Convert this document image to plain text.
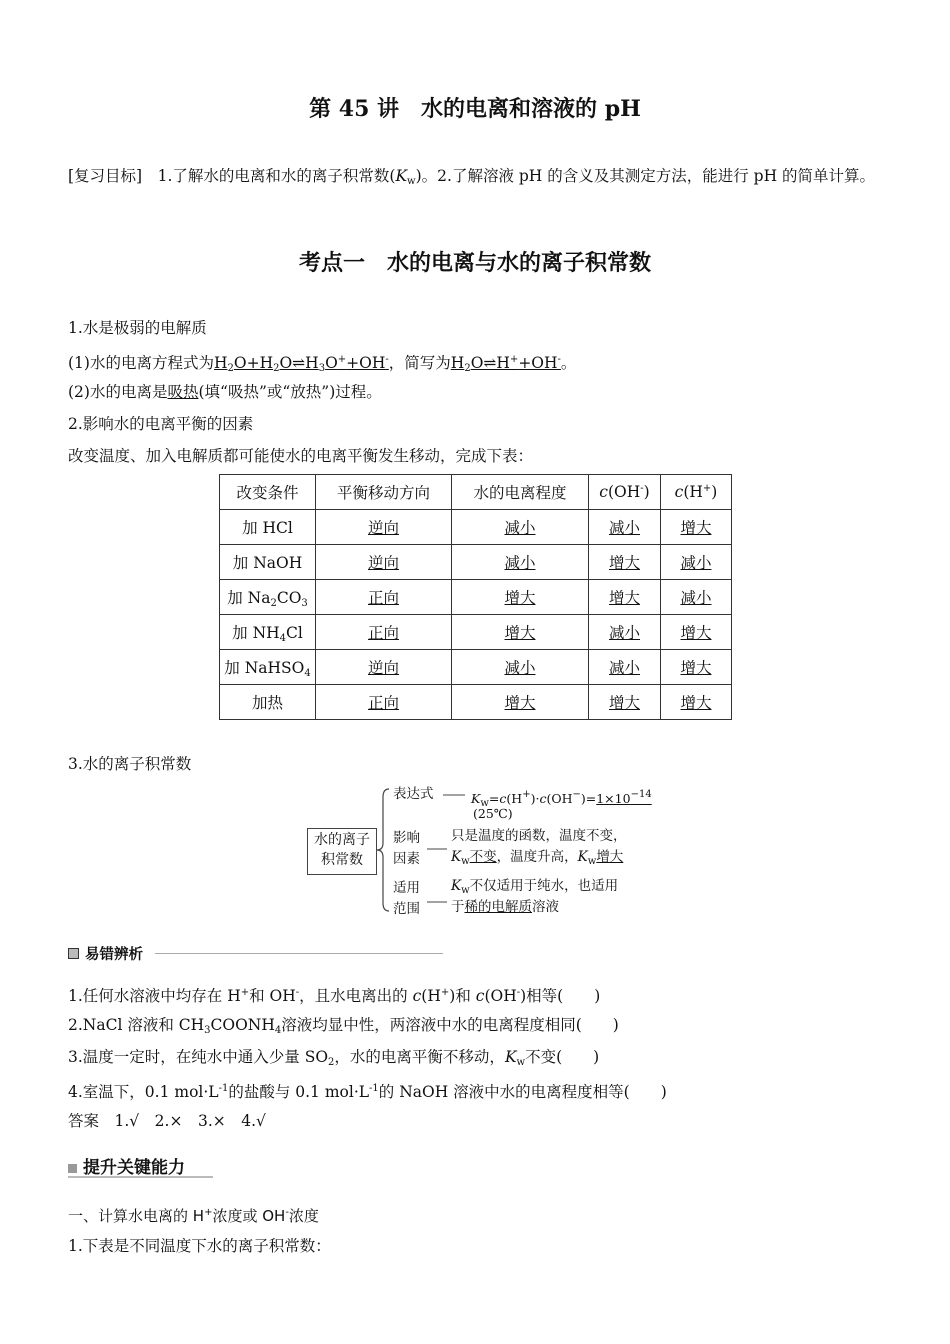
第 45 讲　水的电离和溶液的 pH
[复习目标]　1.了解水的电离和水的离子积常数$(K_w)$。2.了解溶液 pH 的含义及其测定方法，能进行 pH 的简单计算。
考点一　水的电离与水的离子积常数
1.水是极弱的电解质
(1)水的电离方程式为$H_2O+H_2O\rightleftharpoons H_3O^++OH^-$，简写为$H_2O\rightleftharpoons H^++OH^-$。
(2)水的电离是吸热(填“吸热”或“放热”)过程。
2.影响水的电离平衡的因素
改变温度、加入电解质都可能使水的电离平衡发生移动，完成下表：
改变条件	平衡移动方向	水的电离程度	c(OH-)	c(H+)
加 HCl	逆向	减小	减小	增大
加 NaOH	逆向	减小	增大	减小
加 $Na_2CO_3$	正向	增大	增大	减小
加 $NH_4Cl$	正向	增大	减小	增大
加 NaHSO$_4$	逆向	减小	减小	增大
加热	正向	增大	增大	增大
3.水的离子积常数
水的离子
积常数
表达式	$K_w=c(H^+)\cdot c(OH^-)=1\times 10^{-14}$
(25℃)
影响
因素
只是温度的函数，温度不变，
$K_w$不变，温度升高，$K_w$增大
适用
范围
$K_w$不仅适用于纯水，也适用
于稀的电解质溶液
易错辨析
1.任何水溶液中均存在 H+和 OH-，且水电离出的 c(H+)和 c(OH-)相等(　　)
2.NaCl 溶液和 $CH_3COONH_4$溶液均显中性，两溶液中水的电离程度相同(　　)
3.温度一定时，在纯水中通入少量 $SO_2$，水的电离平衡不移动，$K_w$不变(　　)
4.室温下，0.1 $mol\cdot L^{-1}$的盐酸与 0.1 $mol\cdot L^{-1}$的 NaOH 溶液中水的电离程度相等(　　)
答案　1.√　2.×　3.×　4.√
提升关键能力
一、计算水电离的 H+浓度或 OH-浓度
1.下表是不同温度下水的离子积常数：
